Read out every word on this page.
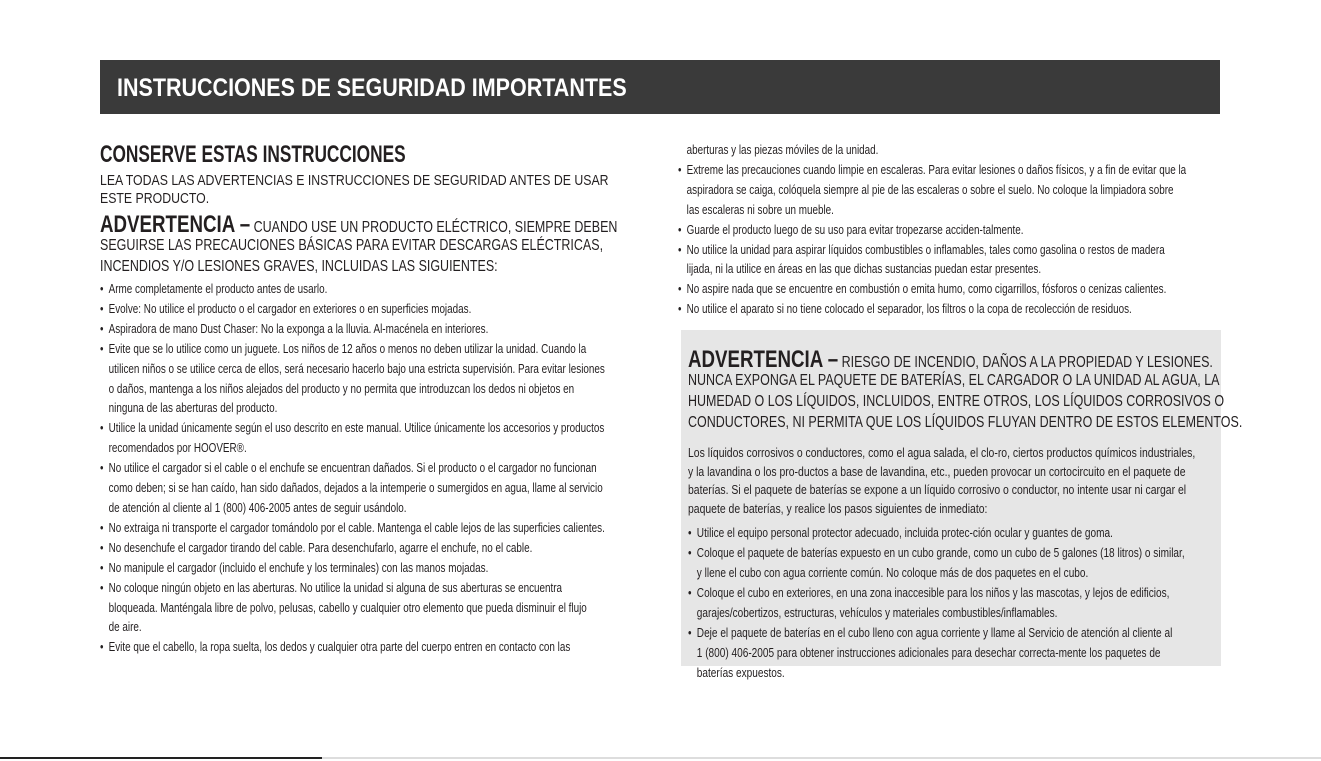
INSTRUCCIONES DE SEGURIDAD IMPORTANTES
CONSERVE ESTAS INSTRUCCIONES
LEA TODAS LAS ADVERTENCIAS E INSTRUCCIONES DE SEGURIDAD ANTES DE USAR
ESTE PRODUCTO.
ADVERTENCIA – CUANDO USE UN PRODUCTO ELÉCTRICO, SIEMPRE DEBEN
SEGUIRSE LAS PRECAUCIONES BÁSICAS PARA EVITAR DESCARGAS ELÉCTRICAS,
INCENDIOS Y/O LESIONES GRAVES, INCLUIDAS LAS SIGUIENTES:
• Arme completamente el producto antes de usarlo.
• Evolve: No utilice el producto o el cargador en exteriores o en superficies mojadas.
• Aspiradora de mano Dust Chaser: No la exponga a la lluvia. Al-macénela en interiores.
• Evite que se lo utilice como un juguete. Los niños de 12 años o menos no deben utilizar la unidad. Cuando la
utilicen niños o se utilice cerca de ellos, será necesario hacerlo bajo una estricta supervisión. Para evitar lesiones
o daños, mantenga a los niños alejados del producto y no permita que introduzcan los dedos ni objetos en
ninguna de las aberturas del producto.
• Utilice la unidad únicamente según el uso descrito en este manual. Utilice únicamente los accesorios y productos
recomendados por HOOVER®.
• No utilice el cargador si el cable o el enchufe se encuentran dañados. Si el producto o el cargador no funcionan
como deben; si se han caído, han sido dañados, dejados a la intemperie o sumergidos en agua, llame al servicio
de atención al cliente al 1 (800) 406-2005 antes de seguir usándolo.
• No extraiga ni transporte el cargador tomándolo por el cable. Mantenga el cable lejos de las superficies calientes.
• No desenchufe el cargador tirando del cable. Para desenchufarlo, agarre el enchufe, no el cable.
• No manipule el cargador (incluido el enchufe y los terminales) con las manos mojadas.
• No coloque ningún objeto en las aberturas. No utilice la unidad si alguna de sus aberturas se encuentra
bloqueada. Manténgala libre de polvo, pelusas, cabello y cualquier otro elemento que pueda disminuir el flujo
de aire.
• Evite que el cabello, la ropa suelta, los dedos y cualquier otra parte del cuerpo entren en contacto con las
aberturas y las piezas móviles de la unidad.
• Extreme las precauciones cuando limpie en escaleras. Para evitar lesiones o daños físicos, y a fin de evitar que la
aspiradora se caiga, colóquela siempre al pie de las escaleras o sobre el suelo. No coloque la limpiadora sobre
las escaleras ni sobre un mueble.
• Guarde el producto luego de su uso para evitar tropezarse acciden-talmente.
• No utilice la unidad para aspirar líquidos combustibles o inflamables, tales como gasolina o restos de madera
lijada, ni la utilice en áreas en las que dichas sustancias puedan estar presentes.
• No aspire nada que se encuentre en combustión o emita humo, como cigarrillos, fósforos o cenizas calientes.
• No utilice el aparato si no tiene colocado el separador, los filtros o la copa de recolección de residuos.
ADVERTENCIA – RIESGO DE INCENDIO, DAÑOS A LA PROPIEDAD Y LESIONES.
NUNCA EXPONGA EL PAQUETE DE BATERÍAS, EL CARGADOR O LA UNIDAD AL AGUA, LA
HUMEDAD O LOS LÍQUIDOS, INCLUIDOS, ENTRE OTROS, LOS LÍQUIDOS CORROSIVOS O
CONDUCTORES, NI PERMITA QUE LOS LÍQUIDOS FLUYAN DENTRO DE ESTOS ELEMENTOS.
Los líquidos corrosivos o conductores, como el agua salada, el clo-ro, ciertos productos químicos industriales,
y la lavandina o los pro-ductos a base de lavandina, etc., pueden provocar un cortocircuito en el paquete de
baterías. Si el paquete de baterías se expone a un líquido corrosivo o conductor, no intente usar ni cargar el
paquete de baterías, y realice los pasos siguientes de inmediato:
• Utilice el equipo personal protector adecuado, incluida protec-ción ocular y guantes de goma.
• Coloque el paquete de baterías expuesto en un cubo grande, como un cubo de 5 galones (18 litros) o similar,
y llene el cubo con agua corriente común. No coloque más de dos paquetes en el cubo.
• Coloque el cubo en exteriores, en una zona inaccesible para los niños y las mascotas, y lejos de edificios,
garajes/cobertizos, estructuras, vehículos y materiales combustibles/inflamables.
• Deje el paquete de baterías en el cubo lleno con agua corriente y llame al Servicio de atención al cliente al
1 (800) 406-2005 para obtener instrucciones adicionales para desechar correcta-mente los paquetes de
baterías expuestos.
